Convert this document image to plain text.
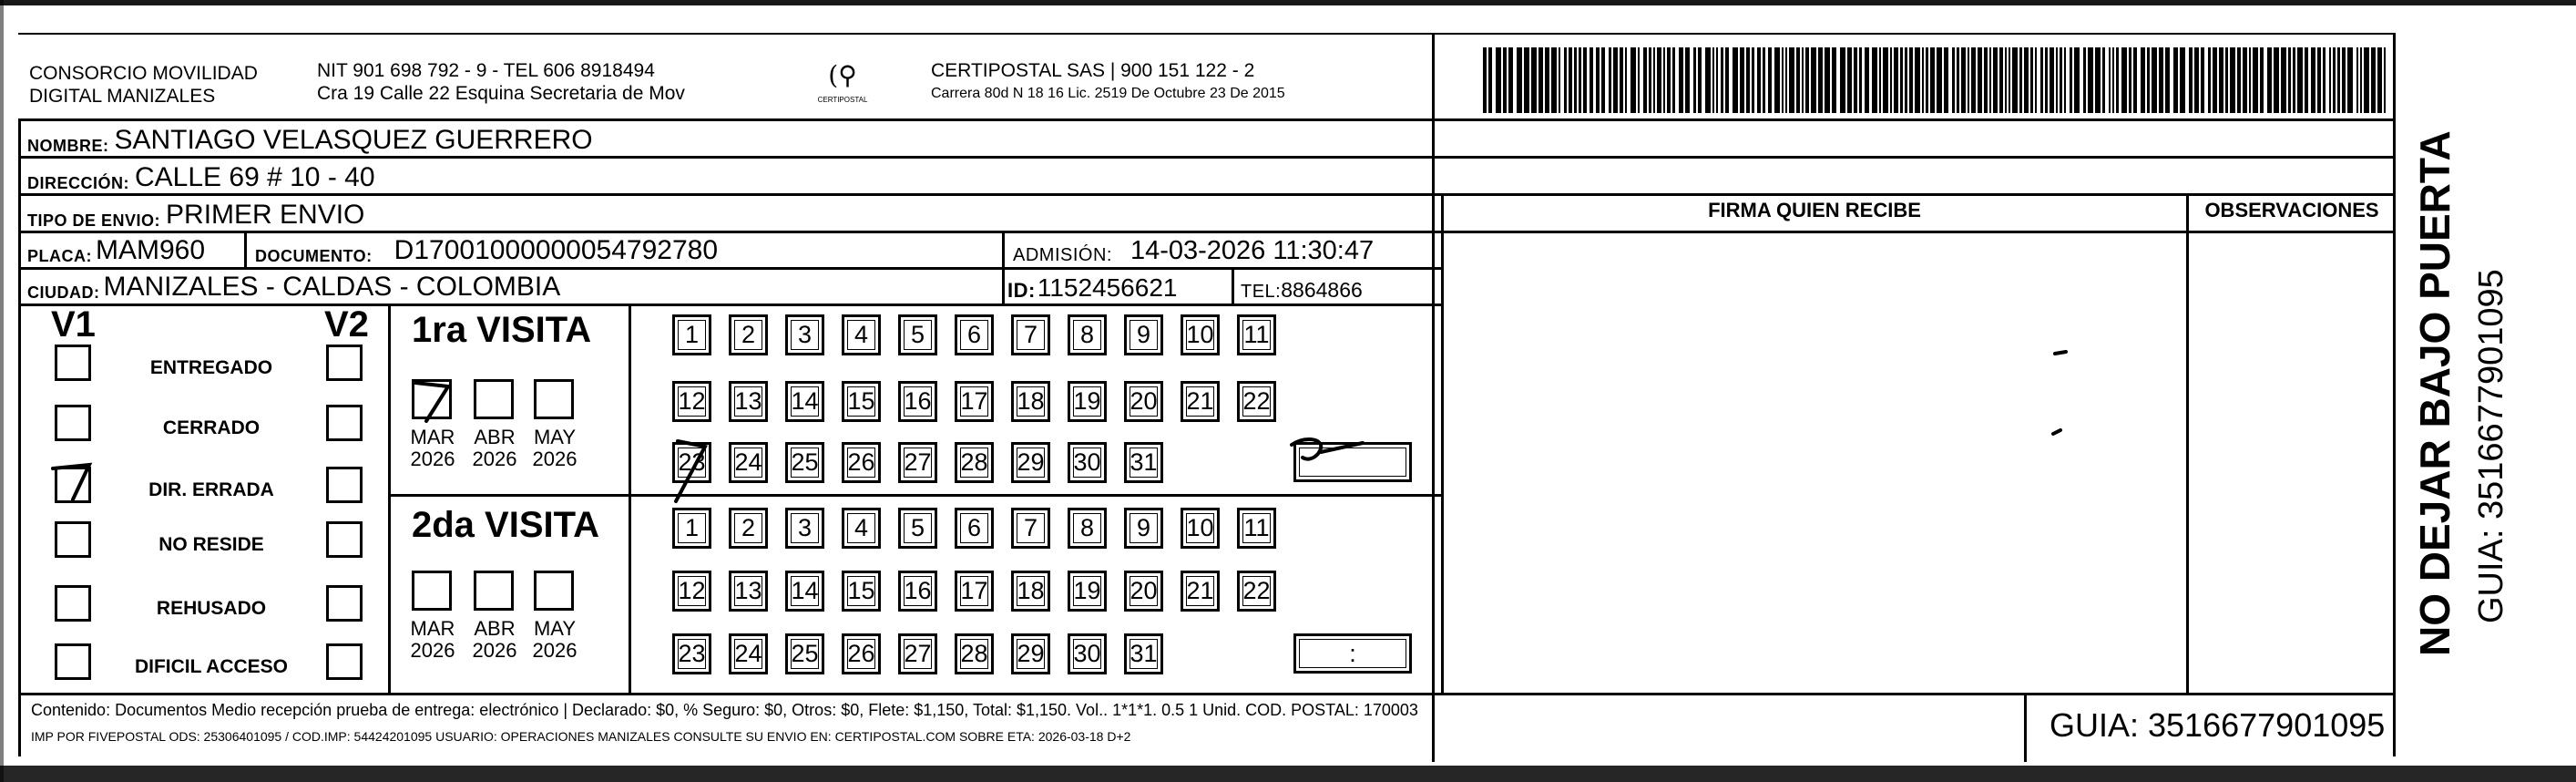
CONSORCIO MOVILIDAD
DIGITAL MANIZALES
NIT 901 698 792 - 9 - TEL 606 8918494
Cra 19 Calle 22 Esquina Secretaria de Mov
(⚲
CERTIPOSTAL
CERTIPOSTAL SAS | 900 151 122 - 2
Carrera 80d N 18 16 Lic. 2519 De Octubre 23 De 2015
NOMBRE: SANTIAGO VELASQUEZ GUERRERO
DIRECCIÓN: CALLE 69 # 10 - 40
TIPO DE ENVIO: PRIMER ENVIO	FIRMA QUIEN RECIBE	OBSERVACIONES
PLACA: MAM960	DOCUMENTO: D17001000000054792780	ADMISIÓN: 14-03-2026 11:30:47
CIUDAD: MANIZALES - CALDAS - COLOMBIA	ID: 1152456621	TEL: 8864866
V1	V2
ENTREGADO
CERRADO
DIR. ERRADA
NO RESIDE
REHUSADO
DIFICIL ACCESO
1ra VISITA
2da VISITA
MAR
2026
ABR
2026
MAY
2026
1	2	3	4	5	6	7	8	9	10 11
12 13 14 15 16 17 18 19 20 21 22
23 24 25 26 27 28 29 30 31
MAR
2026
ABR
2026
MAY
2026
1	2	3	4	5	6	7	8	9	10 11
12 13 14 15 16 17 18 19 20 21 22
23 24 25 26 27 28 29 30 31	:
Contenido: Documentos Medio recepción prueba de entrega: electrónico | Declarado: $0, % Seguro: $0, Otros: $0, Flete: $1,150, Total: $1,150. Vol.. 1*1*1. 0.5 1 Unid. COD. POSTAL: 170003
IMP POR FIVEPOSTAL ODS: 25306401095 / COD.IMP: 54424201095 USUARIO: OPERACIONES MANIZALES CONSULTE SU ENVIO EN: CERTIPOSTAL.COM SOBRE ETA: 2026-03-18 D+2	GUIA: 3516677901095
NO DEJAR BAJO PUERTA GUIA: 3516677901095
